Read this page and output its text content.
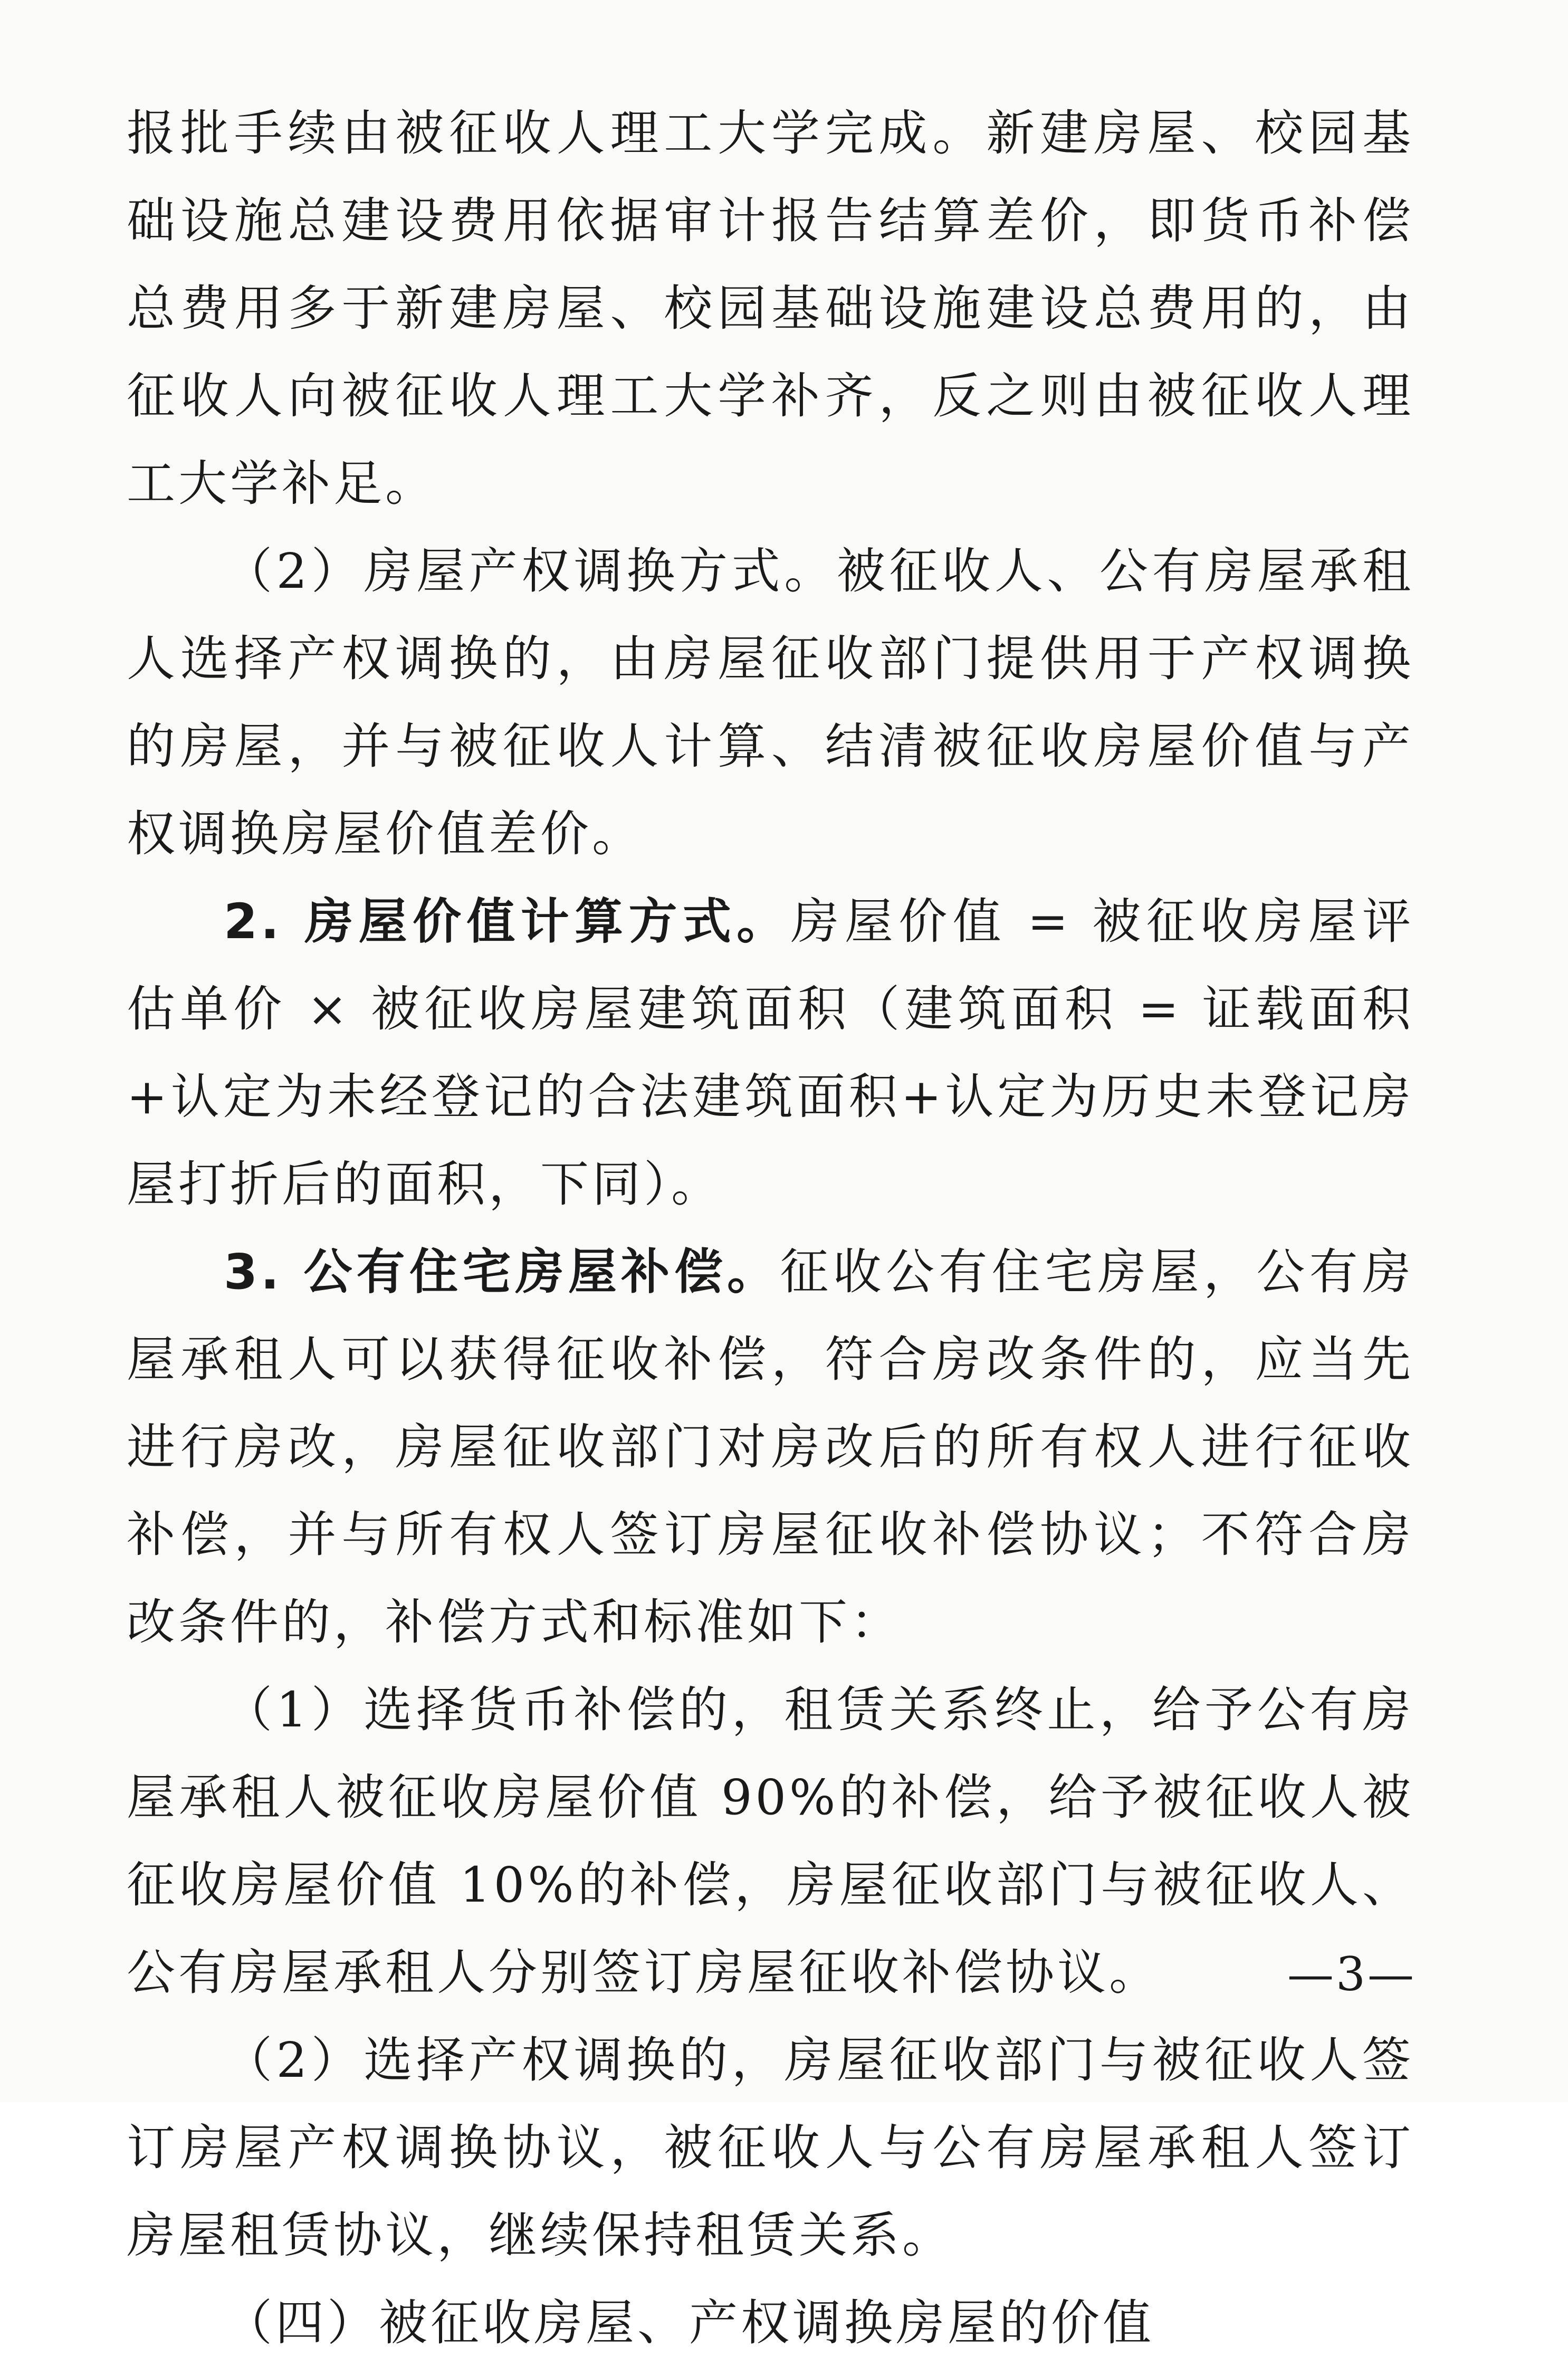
报批手续由被征收人理工大学完成。新建房屋、校园基础设施总建设费用依据审计报告结算差价，即货币补偿总费用多于新建房屋、校园基础设施建设总费用的，由征收人向被征收人理工大学补齐，反之则由被征收人理工大学补足。

（2）房屋产权调换方式。被征收人、公有房屋承租人选择产权调换的，由房屋征收部门提供用于产权调换的房屋，并与被征收人计算、结清被征收房屋价值与产权调换房屋价值差价。

2. 房屋价值计算方式。房屋价值 = 被征收房屋评估单价 × 被征收房屋建筑面积（建筑面积 = 证载面积+认定为未经登记的合法建筑面积+认定为历史未登记房屋打折后的面积，下同）。

3. 公有住宅房屋补偿。征收公有住宅房屋，公有房屋承租人可以获得征收补偿，符合房改条件的，应当先进行房改，房屋征收部门对房改后的所有权人进行征收补偿，并与所有权人签订房屋征收补偿协议；不符合房改条件的，补偿方式和标准如下：

（1）选择货币补偿的，租赁关系终止，给予公有房屋承租人被征收房屋价值 90%的补偿，给予被征收人被征收房屋价值 10%的补偿，房屋征收部门与被征收人、公有房屋承租人分别签订房屋征收补偿协议。

（2）选择产权调换的，房屋征收部门与被征收人签订房屋产权调换协议，被征收人与公有房屋承租人签订房屋租赁协议，继续保持租赁关系。

（四）被征收房屋、产权调换房屋的价值

—3—
